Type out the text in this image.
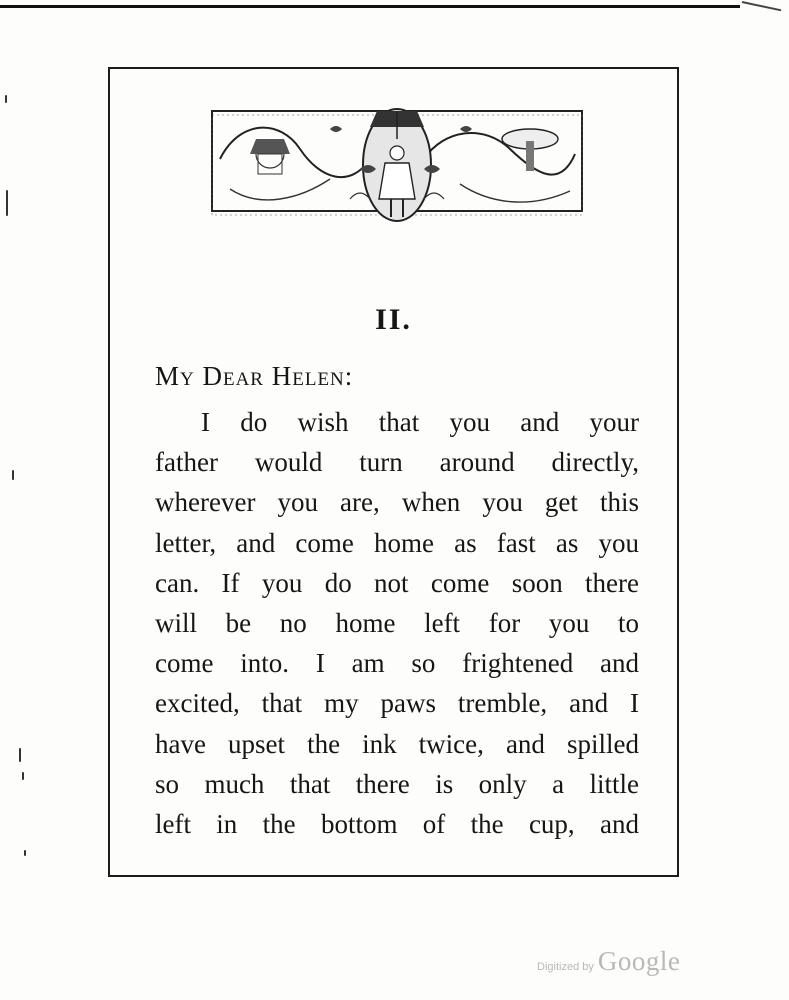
II.
My Dear Helen:
I do wish that you and your
father would turn around directly,
wherever you are, when you get this
letter, and come home as fast as you
can. If you do not come soon there
will be no home left for you to
come into. I am so frightened and
excited, that my paws tremble, and I
have upset the ink twice, and spilled
so much that there is only a little
left in the bottom of the cup, and
Digitized by Google
